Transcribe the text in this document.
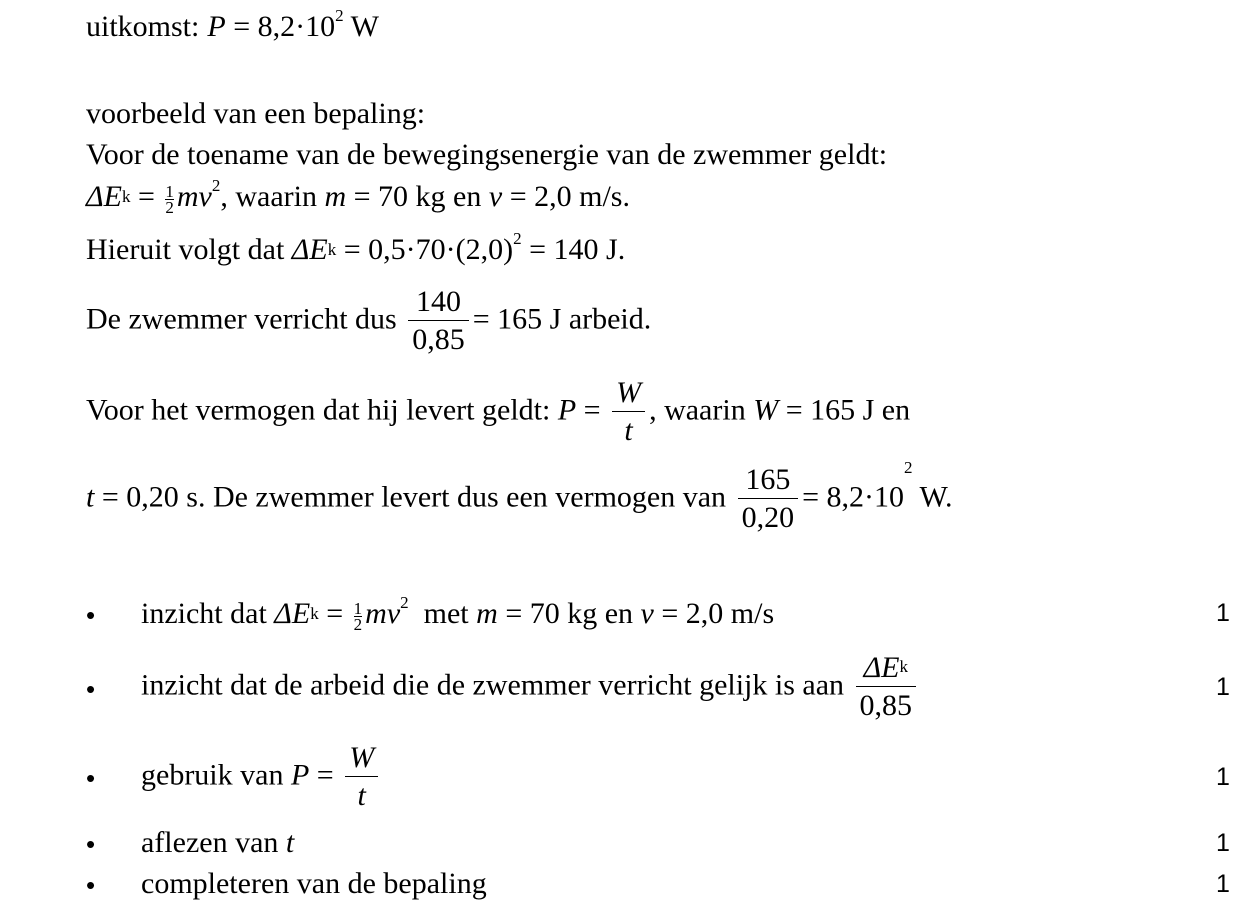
uitkomst: $P = 8,2\cdot 10^2$ W
voorbeeld van een bepaling:
Voor de toename van de bewegingsenergie van de zwemmer geldt:
$\Delta E_k = \frac{1}{2} mv^2$, waarin m = 70 kg en v = 2,0 m/s.
Hieruit volgt dat $\Delta E_k = 0,5\cdot 70\cdot(2,0)^2 = 140$ J.
De zwemmer verricht dus $\frac{140}{0,85} = 165$ J arbeid.
Voor het vermogen dat hij levert geldt: $P = \frac{W}{t}$ , waarin W = 165 J en
t = 0,20 s. De zwemmer levert dus een vermogen van $\frac{165}{0,20} = 8,2\cdot 10^2$ W.
• inzicht dat $\Delta E_k = \frac{1}{2} mv^2$  met m = 70 kg en v = 2,0 m/s	1
• inzicht dat de arbeid die de zwemmer verricht gelijk is aan $\frac{\Delta E_k}{0,85}$	1
• gebruik van $P = \frac{W}{t}$	1
• aflezen van t	1
• completeren van de bepaling	1
